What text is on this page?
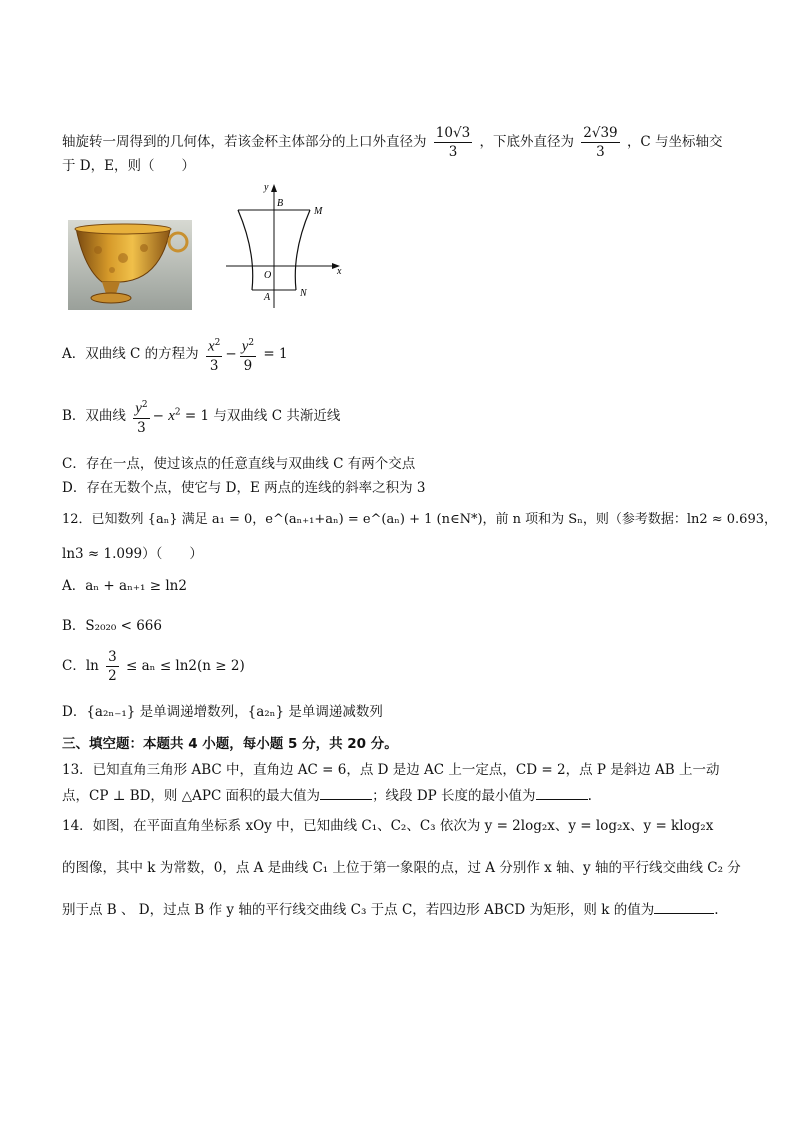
轴旋转一周得到的几何体，若该金杯主体部分的上口外直径为 $\frac{10√3}{3}$ ，下底外直径为 $\frac{2√39}{3}$ ，C 与坐标轴交
于 D，E，则（　　）
y
x
B
M
O
A	N
A．双曲线 C 的方程为 $\frac{x^2}{3} - \frac{y^2}{9} = 1$
B．双曲线 $\frac{y^2}{3} - x^2 = 1$ 与双曲线 C 共渐近线
C．存在一点，使过该点的任意直线与双曲线 C 有两个交点
D．存在无数个点，使它与 D，E 两点的连线的斜率之积为 3
12．已知数列 {aₙ} 满足 a₁ = 0，e^(aₙ₊₁+aₙ) = e^(aₙ) + 1 (n∈N*)，前 n 项和为 Sₙ，则（参考数据：ln2 ≈ 0.693，
ln3 ≈ 1.099）（　　）
A．aₙ + aₙ₊₁ ≥ ln2
B．S₂₀₂₀ < 666
C．$\ln \frac{3}{2} \le a_n \le \ln 2(n \ge 2)$
D．{a₂ₙ₋₁} 是单调递增数列，{a₂ₙ} 是单调递减数列
三、填空题：本题共 4 小题，每小题 5 分，共 20 分。
13．已知直角三角形 ABC 中，直角边 AC = 6，点 D 是边 AC 上一定点，CD = 2，点 P 是斜边 AB 上一动
点，CP ⊥ BD，则 △APC 面积的最大值为	；线段 DP 长度的最小值为	.
14．如图，在平面直角坐标系 xOy 中，已知曲线 C₁、C₂、C₃ 依次为 y = 2log₂x、y = log₂x、y = klog₂x
的图像，其中 k 为常数，0，点 A 是曲线 C₁ 上位于第一象限的点，过 A 分别作 x 轴、y 轴的平行线交曲线 C₂ 分
别于点 B 、 D，过点 B 作 y 轴的平行线交曲线 C₃ 于点 C，若四边形 ABCD 为矩形，则 k 的值为	.
